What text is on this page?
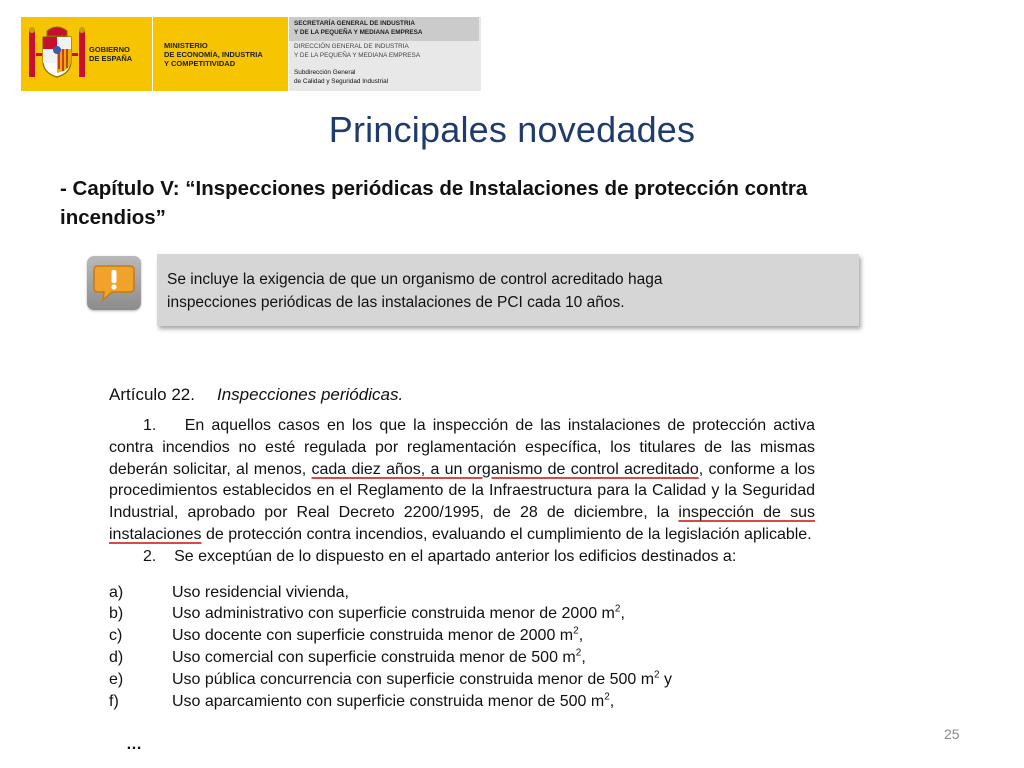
GOBIERNO
DE ESPAÑA
MINISTERIO
DE ECONOMÍA, INDUSTRIA
Y COMPETITIVIDAD
SECRETARÍA GENERAL DE INDUSTRIA
Y DE LA PEQUEÑA Y MEDIANA EMPRESA
DIRECCIÓN GENERAL DE INDUSTRIA
Y DE LA PEQUEÑA Y MEDIANA EMPRESA
Subdirección General
de Calidad y Seguridad Industrial
Principales novedades
- Capítulo V: “Inspecciones periódicas de Instalaciones de protección contra incendios”
Se incluye la exigencia de que un organismo de control acreditado haga
inspecciones periódicas de las instalaciones de PCI cada 10 años.
Artículo 22. Inspecciones periódicas.
1. En aquellos casos en los que la inspección de las instalaciones de protección activa contra incendios no esté regulada por reglamentación específica, los titulares de las mismas deberán solicitar, al menos, cada diez años, a un organismo de control acreditado, conforme a los procedimientos establecidos en el Reglamento de la Infraestructura para la Calidad y la Seguridad Industrial, aprobado por Real Decreto 2200/1995, de 28 de diciembre, la inspección de sus instalaciones de protección contra incendios, evaluando el cumplimiento de la legislación aplicable.
2. Se exceptúan de lo dispuesto en el apartado anterior los edificios destinados a:
a)	Uso residencial vivienda,
b)	Uso administrativo con superficie construida menor de 2000 $m^2$,
c)	Uso docente con superficie construida menor de 2000 $m^2$,
d)	Uso comercial con superficie construida menor de 500 $m^2$,
e)	Uso pública concurrencia con superficie construida menor de 500 $m^2$ y
f)	Uso aparcamiento con superficie construida menor de 500 $m^2$,
…
25
